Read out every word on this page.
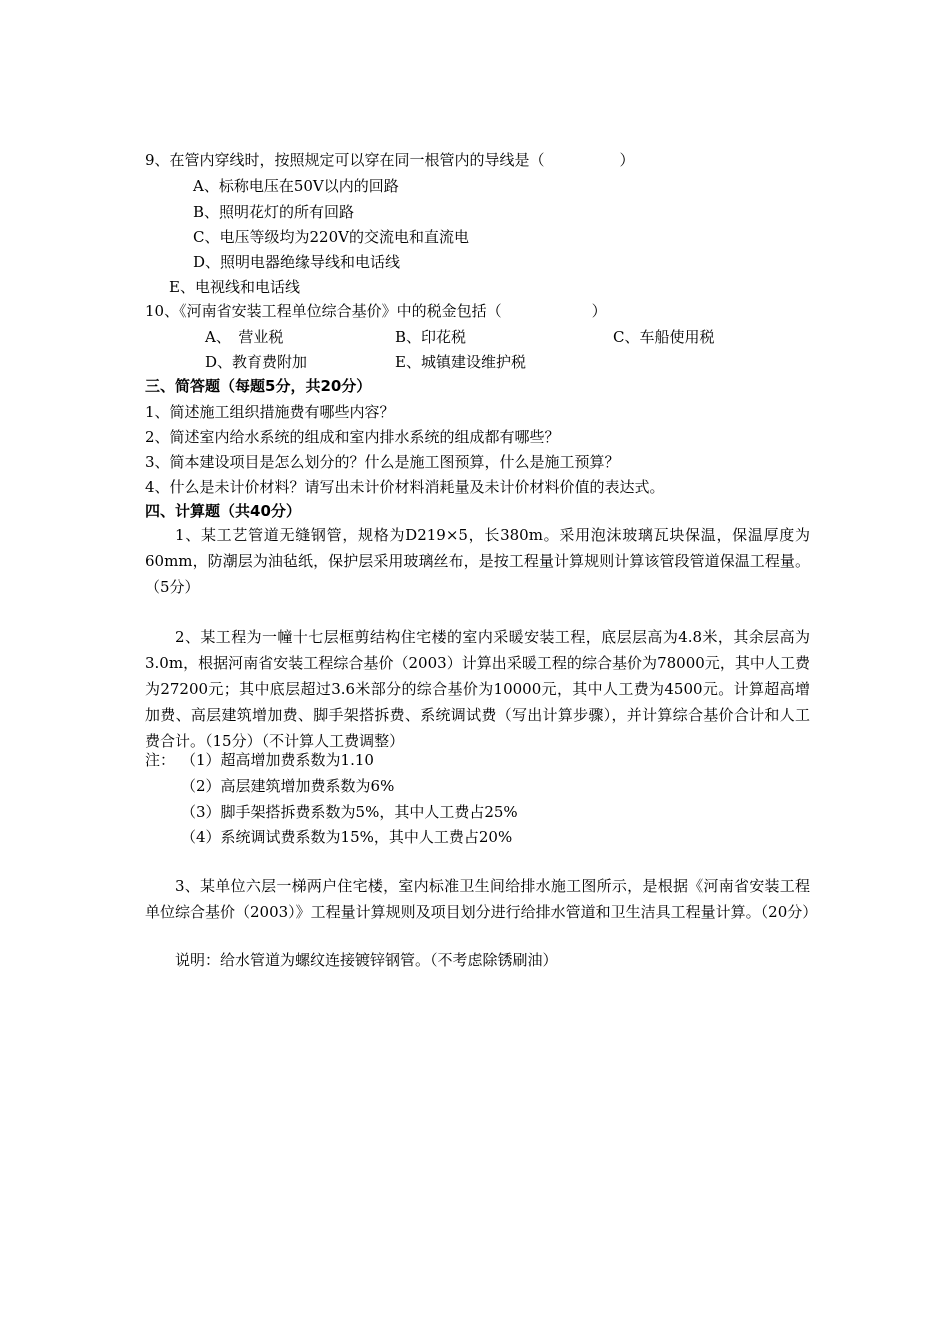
9、在管内穿线时，按照规定可以穿在同一根管内的导线是（　　　　　）
A、标称电压在50V以内的回路
B、照明花灯的所有回路
C、电压等级均为220V的交流电和直流电
D、照明电器绝缘导线和电话线
E、电视线和电话线
10、《河南省安装工程单位综合基价》中的税金包括（　　　　　　）
A、　营业税	B、印花税	C、车船使用税
D、教育费附加	E、城镇建设维护税
三、简答题（每题5分，共20分）
1、简述施工组织措施费有哪些内容？
2、简述室内给水系统的组成和室内排水系统的组成都有哪些？
3、简本建设项目是怎么划分的？什么是施工图预算，什么是施工预算？
4、什么是未计价材料？请写出未计价材料消耗量及未计价材料价值的表达式。
四、计算题（共40分）
1、某工艺管道无缝钢管，规格为D219×5，长380m。采用泡沫玻璃瓦块保温，保温厚度为60mm，防潮层为油毡纸，保护层采用玻璃丝布，是按工程量计算规则计算该管段管道保温工程量。（5分）
2、某工程为一幢十七层框剪结构住宅楼的室内采暖安装工程，底层层高为4.8米，其余层高为3.0m，根据河南省安装工程综合基价（2003）计算出采暖工程的综合基价为78000元，其中人工费为27200元；其中底层超过3.6米部分的综合基价为10000元，其中人工费为4500元。计算超高增加费、高层建筑增加费、脚手架搭拆费、系统调试费（写出计算步骤），并计算综合基价合计和人工费合计。（15分）（不计算人工费调整）
注： （1）超高增加费系数为1.10
（2）高层建筑增加费系数为6%
（3）脚手架搭拆费系数为5%，其中人工费占25%
（4）系统调试费系数为15%，其中人工费占20%
3、某单位六层一梯两户住宅楼，室内标准卫生间给排水施工图所示，是根据《河南省安装工程单位综合基价（2003）》工程量计算规则及项目划分进行给排水管道和卫生洁具工程量计算。（20分）
说明：给水管道为螺纹连接镀锌钢管。（不考虑除锈刷油）
